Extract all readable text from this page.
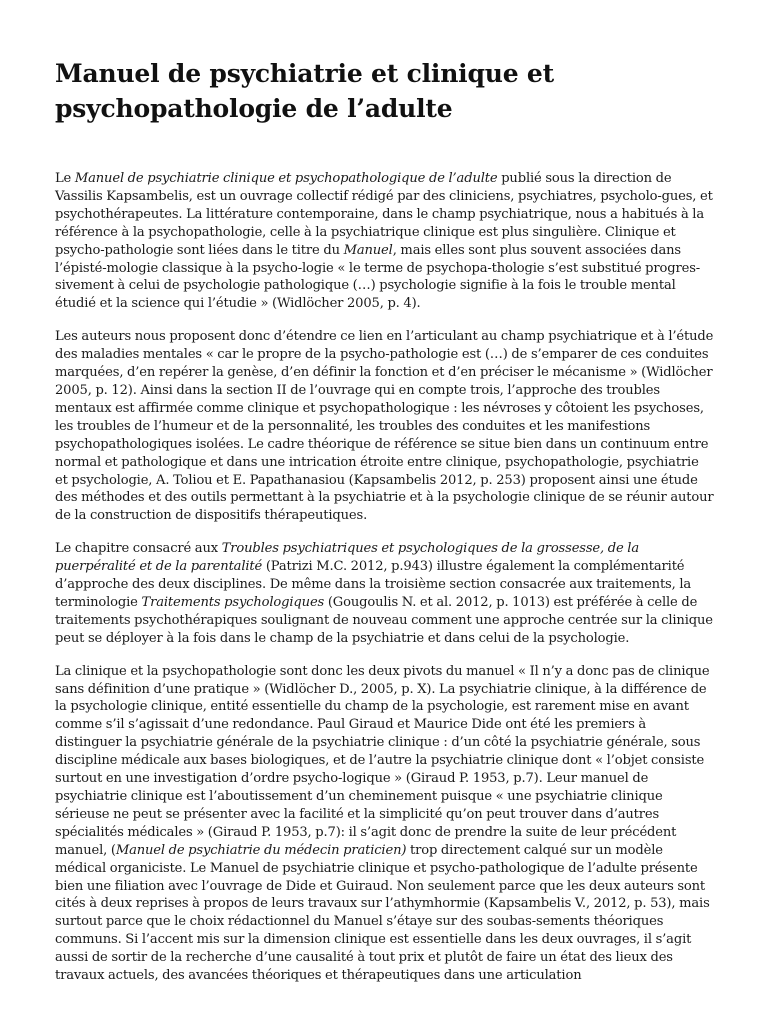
Manuel de psychiatrie et clinique et psychopathologie de l’adulte

Le Manuel de psychiatrie clinique et psychopathologique de l’adulte publié sous la direction de Vassilis Kapsambelis, est un ouvrage collectif rédigé par des cliniciens, psychiatres, psycholo-gues, et psychothérapeutes. La littérature contemporaine, dans le champ psychiatrique, nous a habitués à la référence à la psychopathologie, celle à la psychiatrique clinique est plus singulière. Clinique et psycho-pathologie sont liées dans le titre du Manuel, mais elles sont plus souvent associées dans l’épisté-mologie classique à la psycho-logie « le terme de psychopa-thologie s’est substitué progres-sivement à celui de psychologie pathologique (…) psychologie signifie à la fois le trouble mental étudié et la science qui l’étudie » (Widlöcher 2005, p. 4).

Les auteurs nous proposent donc d’étendre ce lien en l’articulant au champ psychiatrique et à l’étude des maladies mentales « car le propre de la psycho-pathologie est (…) de s’emparer de ces conduites marquées, d’en repérer la genèse, d’en définir la fonction et d’en préciser le mécanisme » (Widlöcher 2005, p. 12). Ainsi dans la section II de l’ouvrage qui en compte trois, l’approche des troubles mentaux est affirmée comme clinique et psychopathologique : les névroses y côtoient les psychoses, les troubles de l’humeur et de la personnalité, les troubles des conduites et les manifestions psychopathologiques isolées. Le cadre théorique de référence se situe bien dans un continuum entre normal et pathologique et dans une intrication étroite entre clinique, psychopathologie, psychiatrie et psychologie, A. Toliou et E. Papathanasiou (Kapsambelis 2012, p. 253) proposent ainsi une étude des méthodes et des outils permettant à la psychiatrie et à la psychologie clinique de se réunir autour de la construction de dispositifs thérapeutiques.

Le chapitre consacré aux Troubles psychiatriques et psychologiques de la grossesse, de la puerpéralité et de la parentalité (Patrizi M.C. 2012, p.943) illustre également la complémentarité d’approche des deux disciplines. De même dans la troisième section consacrée aux traitements, la terminologie Traitements psychologiques (Gougoulis N. et al. 2012, p. 1013) est préférée à celle de traitements psychothérapiques soulignant de nouveau comment une approche centrée sur la clinique peut se déployer à la fois dans le champ de la psychiatrie et dans celui de la psychologie.

La clinique et la psychopathologie sont donc les deux pivots du manuel « Il n’y a donc pas de clinique sans définition d’une pratique » (Widlöcher D., 2005, p. X). La psychiatrie clinique, à la différence de la psychologie clinique, entité essentielle du champ de la psychologie, est rarement mise en avant comme s’il s’agissait d’une redondance. Paul Giraud et Maurice Dide ont été les premiers à distinguer la psychiatrie générale de la psychiatrie clinique : d’un côté la psychiatrie générale, sous discipline médicale aux bases biologiques, et de l’autre la psychiatrie clinique dont « l’objet consiste surtout en une investigation d’ordre psycho-logique » (Giraud P. 1953, p.7). Leur manuel de psychiatrie clinique est l’aboutissement d’un cheminement puisque « une psychiatrie clinique sérieuse ne peut se présenter avec la facilité et la simplicité qu’on peut trouver dans d’autres spécialités médicales » (Giraud P. 1953, p.7): il s’agit donc de prendre la suite de leur précédent manuel, (Manuel de psychiatrie du médecin praticien) trop directement calqué sur un modèle médical organiciste. Le Manuel de psychiatrie clinique et psycho-pathologique de l’adulte présente bien une filiation avec l’ouvrage de Dide et Guiraud. Non seulement parce que les deux auteurs sont cités à deux reprises à propos de leurs travaux sur l’athymhormie (Kapsambelis V., 2012, p. 53), mais surtout parce que le choix rédactionnel du Manuel s’étaye sur des soubas-sements théoriques communs. Si l’accent mis sur la dimension clinique est essentielle dans les deux ouvrages, il s’agit aussi de sortir de la recherche d’une causalité à tout prix et plutôt de faire un état des lieux des travaux actuels, des avancées théoriques et thérapeutiques dans une articulation
